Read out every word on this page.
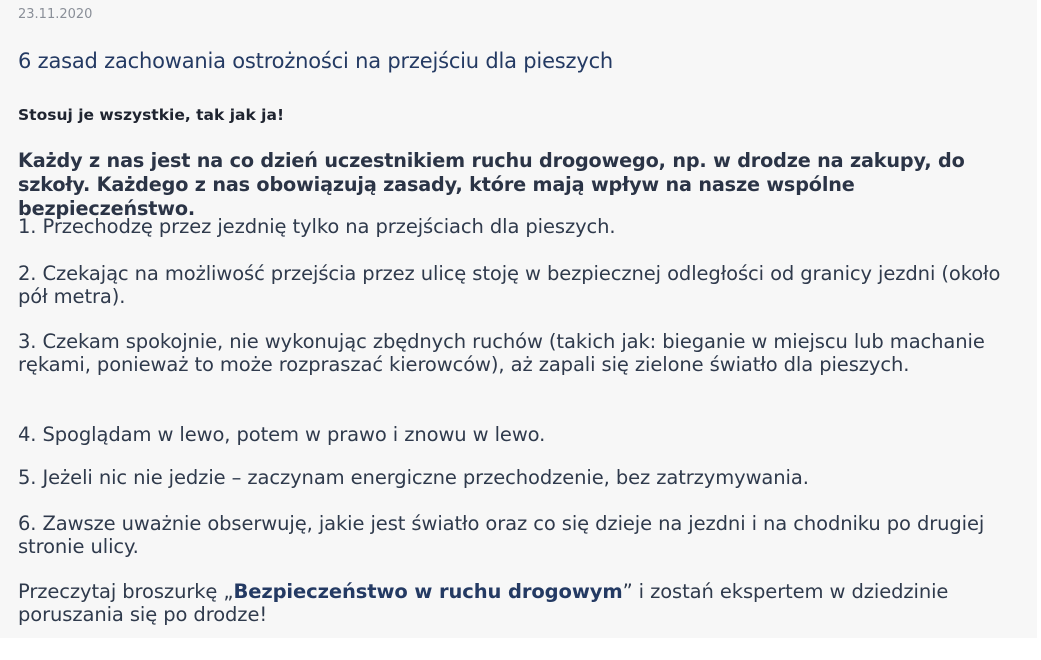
23.11.2020

6 zasad zachowania ostrożności na przejściu dla pieszych

Stosuj je wszystkie, tak jak ja!

Każdy z nas jest na co dzień uczestnikiem ruchu drogowego, np. w drodze na zakupy, do szkoły. Każdego z nas obowiązują zasady, które mają wpływ na nasze wspólne bezpieczeństwo.

1. Przechodzę przez jezdnię tylko na przejściach dla pieszych.

2. Czekając na możliwość przejścia przez ulicę stoję w bezpiecznej odległości od granicy jezdni (około pół metra).

3. Czekam spokojnie, nie wykonując zbędnych ruchów (takich jak: bieganie w miejscu lub machanie rękami, ponieważ to może rozpraszać kierowców), aż zapali się zielone światło dla pieszych.

4. Spoglądam w lewo, potem w prawo i znowu w lewo.

5. Jeżeli nic nie jedzie – zaczynam energiczne przechodzenie, bez zatrzymywania.

6. Zawsze uważnie obserwuję, jakie jest światło oraz co się dzieje na jezdni i na chodniku po drugiej stronie ulicy.

Przeczytaj broszurkę „Bezpieczeństwo w ruchu drogowym” i zostań ekspertem w dziedzinie poruszania się po drodze!
